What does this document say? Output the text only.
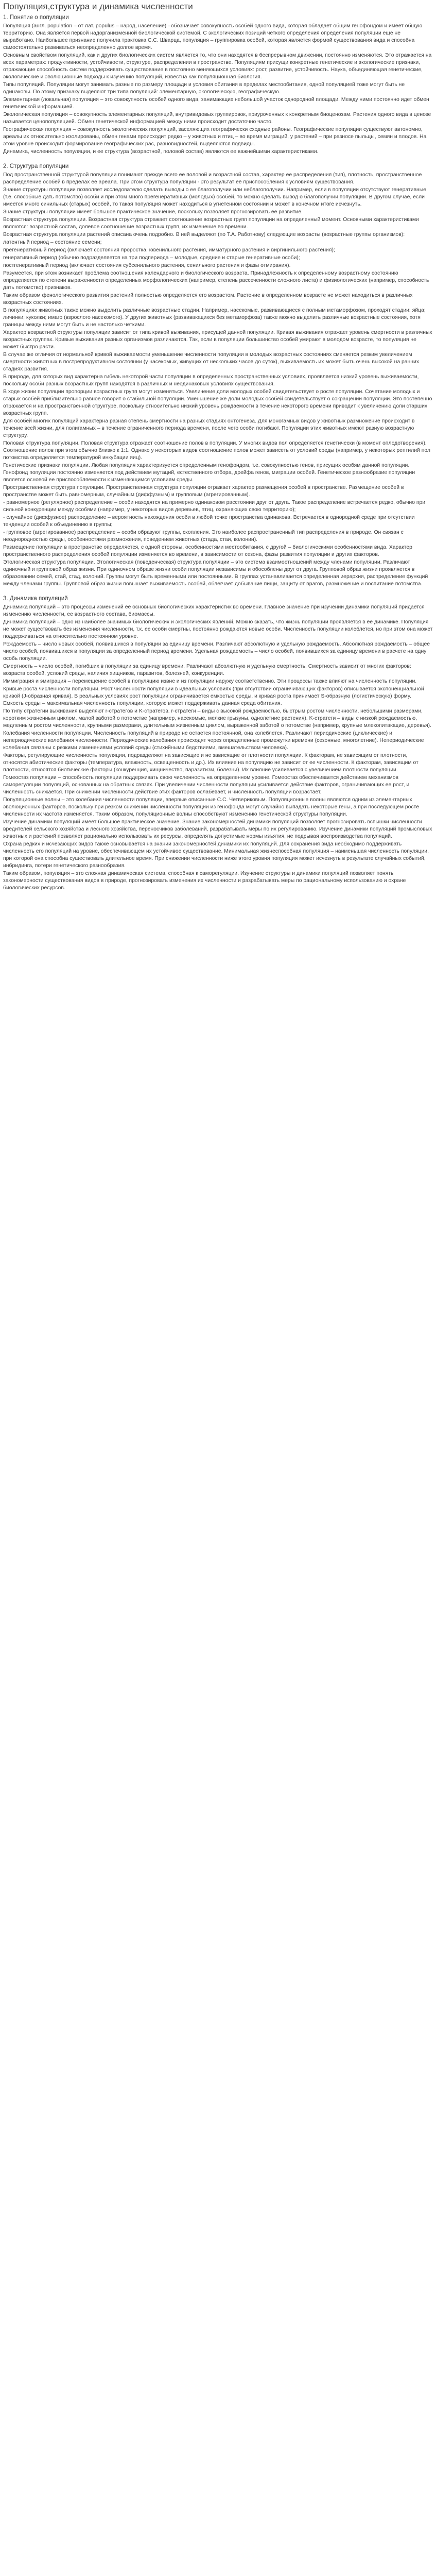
Популяция,структура и динамика численности
1. Понятие о популяции

Популяция (англ. population – от лат. populus – народ, население) –обозначает совокупность особей одного вида, которая обладает общим генофондом и имеет общую территорию. Она является первой надорганизменной биологической системой. С экологических позиций четкого определения определения популяции еще не выработано. Наибольшее признание получила трактовка С.С. Шварца, популяция – группировка особей, которая является формой существования вида и способна самостоятельно развиваться неопределенно долгое время.

Основным свойством популяций, как и других биологических систем является то, что они находятся в беспрерывном движении, постоянно изменяются. Это отражается на всех параметрах: продуктивности, устойчивости, структуре, распределении в пространстве. Популяциям присущи конкретные генетические и экологические признаки, отражающие способность систем поддерживать существование в постоянно меняющихся условиях: рост, развитие, устойчивость. Наука, объединяющая генетические, экологические и эволюционные подходы к изучению популяций, известна как популяционная биология.

Типы популяций. Популяции могут занимать разные по размеру площади и условия обитания в пределах местообитания, одной популяцией тоже могут быть не одинаковы. По этому признаку выделяют три типа популяций: элементарную, экологическую, географическую.

Элементарная (локальная) популяция – это совокупность особей одного вида, занимающих небольшой участок однородной площади. Между ними постоянно идет обмен генетической информацией.

Экологическая популяция – совокупность элементарных популяций, внутривидовых группировок, приуроченных к конкретным биоценозам. Растения одного вида в ценозе называется ценопопуляцией. Обмен генетической информацией между ними происходит достаточно часто.

Географическая популяция – совокупность экологических популяций, заселяющих географически сходные районы. Географические популяции существуют автономно, ареалы их относительно изолированы, обмен генами происходит редко – у животных и птиц – во время миграций, у растений – при разносе пыльцы, семян и плодов. На этом уровне происходит формирование географических рас, разновидностей, выделяются подвиды.

Динамика, численность популяции, и ее структура (возрастной, половой состав) являются ее важнейшими характеристиками.

2. Структура популяции

Под пространственной структурой популяции понимают прежде всего ее половой и возрастной состав, характер ее распределения (тип), плотность, пространственное распределение особей в пределах ее ареала. При этом структура популяции - это результат её приспособления к условиям существования.

Знание структуры популяции позволяет исследователю сделать выводы о ее благополучии или неблагополучии. Например, если в популяции отсутствуют генеративные (т.е. способные дать потомство) особи и при этом много прегенеративных (молодых) особей, то можно сделать вывод о благополучии популяции. В другом случае, если имеется много синильных (старых) особей, то такая популяция может находиться в угнетенном состоянии и может в конечном итоге исчезнуть.

Знание структуры популяции имеет большое практическое значение, поскольку позволяет прогнозировать ее развитие.

Возрастная структура популяции. Возрастная структура отражает соотношение возрастных групп популяции на определенный момент. Основными характеристиками являются: возрастной состав, долевое соотношение возрастных групп, их изменение во времени.

Возрастная структура популяции растений описана очень подробно. В ней выделяют (по Т.А. Работнову) следующие возрасты (возрастные группы организмов):

латентный период – состояние семени;

прегенеративный период (включает состояния проростка, ювенильного растения, имматурного растения и виргинильного растения);

генеративный период (обычно подразделяется на три подпериода – молодые, средние и старые генеративные особи);

постгенеративный период (включает состояния субсенильного растения, сенильного растения и фазы отмирания).

Разумеется, при этом возникает проблема соотношения календарного и биологического возраста. Принадлежность к определенному возрастному состоянию определяется по степени выраженности определенных морфологических (например, степень рассеченности сложного листа) и физиологических (например, способность дать потомство) признаков.

Таким образом фенологического развития растений полностью определяется его возрастом. Растение в определенном возрасте не может находиться в различных возрастных состояниях.

В популяциях животных также можно выделить различные возрастные стадии. Например, насекомые, развивающиеся с полным метаморфозом, проходят стадии: яйца; личинки; куколки; имаго (взрослого насекомого). У других животных (развивающихся без метаморфоза) также можно выделить различные возрастные состояния, хотя границы между ними могут быть и не настолько четкими.

Характер возрастной структуры популяции зависит от типа кривой выживания, присущей данной популяции. Кривая выживания отражает уровень смертности в различных возрастных группах. Кривые выживания разных организмов различаются. Так, если в популяции большинство особей умирают в молодом возрасте, то популяция не может быстро расти.

В случае же отличия от нормальной кривой выживаемости уменьшение численности популяции в молодых возрастных состояниях сменяется резким увеличением смертности животных в пострепродуктивном состоянии (у насекомых, живущих от нескольких часов до суток), выживаемость их может быть очень высокой на ранних стадиях развития.

В природе, для которых вид характерна гибель некоторой части популяции в определенных пространственных условиях, проявляется низкий уровень выживаемости, поскольку особи разных возрастных групп находятся в различных и неодинаковых условиях существования.

В ходе жизни популяции пропорции возрастных групп могут изменяться. Увеличение доли молодых особей свидетельствует о росте популяции. Сочетание молодых и старых особей приблизительно равное говорит о стабильной популяции. Уменьшение же доли молодых особей свидетельствует о сокращении популяции. Это постепенно отражается и на пространственной структуре, поскольку относительно низкий уровень рождаемости в течение некоторого времени приводит к увеличению доли старших возрастных групп.

Для особей многих популяций характерна разная степень смертности на разных стадиях онтогенеза. Для моногамных видов у животных размножение происходит в течение всей жизни, для полигамных – в течение ограниченного периода времени, после чего особи погибают. Популяции этих животных имеют разную возрастную структуру.

Половая структура популяции. Половая структура отражает соотношение полов в популяции. У многих видов пол определяется генетически (в момент оплодотворения). Соотношение полов при этом обычно близко к 1:1. Однако у некоторых видов соотношение полов может зависеть от условий среды (например, у некоторых рептилий пол потомства определяется температурой инкубации яиц).

Генетические признаки популяции. Любая популяция характеризуется определенным генофондом, т.е. совокупностью генов, присущих особям данной популяции. Генофонд популяции постоянно изменяется под действием мутаций, естественного отбора, дрейфа генов, миграции особей. Генетическое разнообразие популяции является основой ее приспособляемости к изменяющимся условиям среды.

Пространственная структура популяции. Пространственная структура популяции отражает характер размещения особей в пространстве. Размещение особей в пространстве может быть равномерным, случайным (диффузным) и групповым (агрегированным).

- равномерное (регулярное) распределение – особи находятся на примерно одинаковом расстоянии друг от друга. Такое распределение встречается редко, обычно при сильной конкуренции между особями (например, у некоторых видов деревьев, птиц, охраняющих свою территорию);

- случайное (диффузное) распределение – вероятность нахождения особи в любой точке пространства одинакова. Встречается в однородной среде при отсутствии тенденции особей к объединению в группы;

- групповое (агрегированное) распределение – особи образуют группы, скопления. Это наиболее распространенный тип распределения в природе. Он связан с неоднородностью среды, особенностями размножения, поведением животных (стада, стаи, колонии).

Размещение популяции в пространстве определяется, с одной стороны, особенностями местообитания, с другой – биологическими особенностями вида. Характер пространственного распределения особей популяции изменяется во времени, в зависимости от сезона, фазы развития популяции и других факторов.

Этологическая структура популяции. Этологическая (поведенческая) структура популяции – это система взаимоотношений между членами популяции. Различают одиночный и групповой образ жизни. При одиночном образе жизни особи популяции независимы и обособлены друг от друга. Групповой образ жизни проявляется в образовании семей, стай, стад, колоний. Группы могут быть временными или постоянными. В группах устанавливается определенная иерархия, распределение функций между членами группы. Групповой образ жизни повышает выживаемость особей, облегчает добывание пищи, защиту от врагов, размножение и воспитание потомства.

3. Динамика популяций

Динамика популяций – это процессы изменений ее основных биологических характеристик во времени. Главное значение при изучении динамики популяций придается изменению численности, ее возрастного состава, биомассы.

Динамика популяций – одно из наиболее значимых биологических и экологических явлений. Можно сказать, что жизнь популяции проявляется в ее динамике. Популяция не может существовать без изменения численности, т.к. ее особи смертны, постоянно рождаются новые особи. Численность популяции колеблется, но при этом она может поддерживаться на относительно постоянном уровне.

Рождаемость – число новых особей, появившихся в популяции за единицу времени. Различают абсолютную и удельную рождаемость. Абсолютная рождаемость – общее число особей, появившихся в популяции за определенный период времени. Удельная рождаемость – число особей, появившихся за единицу времени в расчете на одну особь популяции.

Смертность – число особей, погибших в популяции за единицу времени. Различают абсолютную и удельную смертность. Смертность зависит от многих факторов: возраста особей, условий среды, наличия хищников, паразитов, болезней, конкуренции.

Иммиграция и эмиграция – перемещение особей в популяцию извне и из популяции наружу соответственно. Эти процессы также влияют на численность популяции.

Кривые роста численности популяции. Рост численности популяции в идеальных условиях (при отсутствии ограничивающих факторов) описывается экспоненциальной кривой (J-образная кривая). В реальных условиях рост популяции ограничивается емкостью среды, и кривая роста принимает S-образную (логистическую) форму. Емкость среды – максимальная численность популяции, которую может поддерживать данная среда обитания.

По типу стратегии выживания выделяют r-стратегов и K-стратегов. r-стратеги – виды с высокой рождаемостью, быстрым ростом численности, небольшими размерами, коротким жизненным циклом, малой заботой о потомстве (например, насекомые, мелкие грызуны, однолетние растения). K-стратеги – виды с низкой рождаемостью, медленным ростом численности, крупными размерами, длительным жизненным циклом, выраженной заботой о потомстве (например, крупные млекопитающие, деревья).

Колебания численности популяции. Численность популяций в природе не остается постоянной, она колеблется. Различают периодические (циклические) и непериодические колебания численности. Периодические колебания происходят через определенные промежутки времени (сезонные, многолетние). Непериодические колебания связаны с резкими изменениями условий среды (стихийными бедствиями, вмешательством человека).

Факторы, регулирующие численность популяции, подразделяют на зависящие и не зависящие от плотности популяции. К факторам, не зависящим от плотности, относятся абиотические факторы (температура, влажность, освещенность и др.). Их влияние на популяцию не зависит от ее численности. К факторам, зависящим от плотности, относятся биотические факторы (конкуренция, хищничество, паразитизм, болезни). Их влияние усиливается с увеличением плотности популяции.

Гомеостаз популяции – способность популяции поддерживать свою численность на определенном уровне. Гомеостаз обеспечивается действием механизмов саморегуляции популяций, основанных на обратных связях. При увеличении численности популяции усиливается действие факторов, ограничивающих ее рост, и численность снижается. При снижении численности действие этих факторов ослабевает, и численность популяции возрастает.

Популяционные волны – это колебания численности популяции, впервые описанные С.С. Четвериковым. Популяционные волны являются одним из элементарных эволюционных факторов, поскольку при резком снижении численности популяции из генофонда могут случайно выпадать некоторые гены, а при последующем росте численности их частота изменяется. Таким образом, популяционные волны способствуют изменению генетической структуры популяции.

Изучение динамики популяций имеет большое практическое значение. Знание закономерностей динамики популяций позволяет прогнозировать вспышки численности вредителей сельского хозяйства и лесного хозяйства, переносчиков заболеваний, разрабатывать меры по их регулированию. Изучение динамики популяций промысловых животных и растений позволяет рационально использовать их ресурсы, определять допустимые нормы изъятия, не подрывая воспроизводства популяций.

Охрана редких и исчезающих видов также основывается на знании закономерностей динамики их популяций. Для сохранения вида необходимо поддерживать численность его популяций на уровне, обеспечивающем их устойчивое существование. Минимальная жизнеспособная популяция – наименьшая численность популяции, при которой она способна существовать длительное время. При снижении численности ниже этого уровня популяция может исчезнуть в результате случайных событий, инбридинга, потери генетического разнообразия.

Таким образом, популяция – это сложная динамическая система, способная к саморегуляции. Изучение структуры и динамики популяций позволяет понять закономерности существования видов в природе, прогнозировать изменения их численности и разрабатывать меры по рациональному использованию и охране биологических ресурсов.
